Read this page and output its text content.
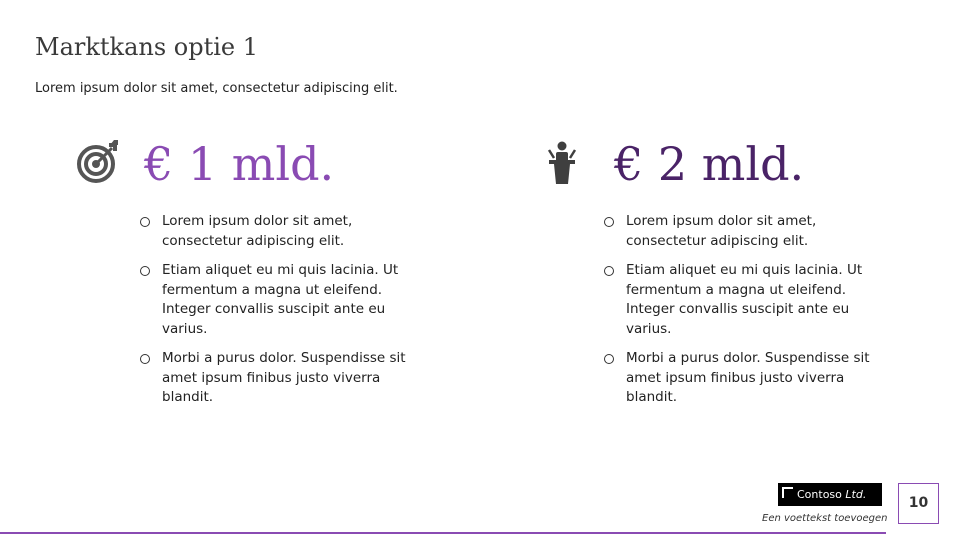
Marktkans optie 1

Lorem ipsum dolor sit amet, consectetur adipiscing elit.

€ 1 mld.
Lorem ipsum dolor sit amet, consectetur adipiscing elit.
Etiam aliquet eu mi quis lacinia. Ut fermentum a magna ut eleifend. Integer convallis suscipit ante eu varius.
Morbi a purus dolor. Suspendisse sit amet ipsum finibus justo viverra blandit.
€ 2 mld.
Lorem ipsum dolor sit amet, consectetur adipiscing elit.
Etiam aliquet eu mi quis lacinia. Ut fermentum a magna ut eleifend. Integer convallis suscipit ante eu varius.
Morbi a purus dolor. Suspendisse sit amet ipsum finibus justo viverra blandit.
Contoso Ltd.
Een voettekst toevoegen
10
